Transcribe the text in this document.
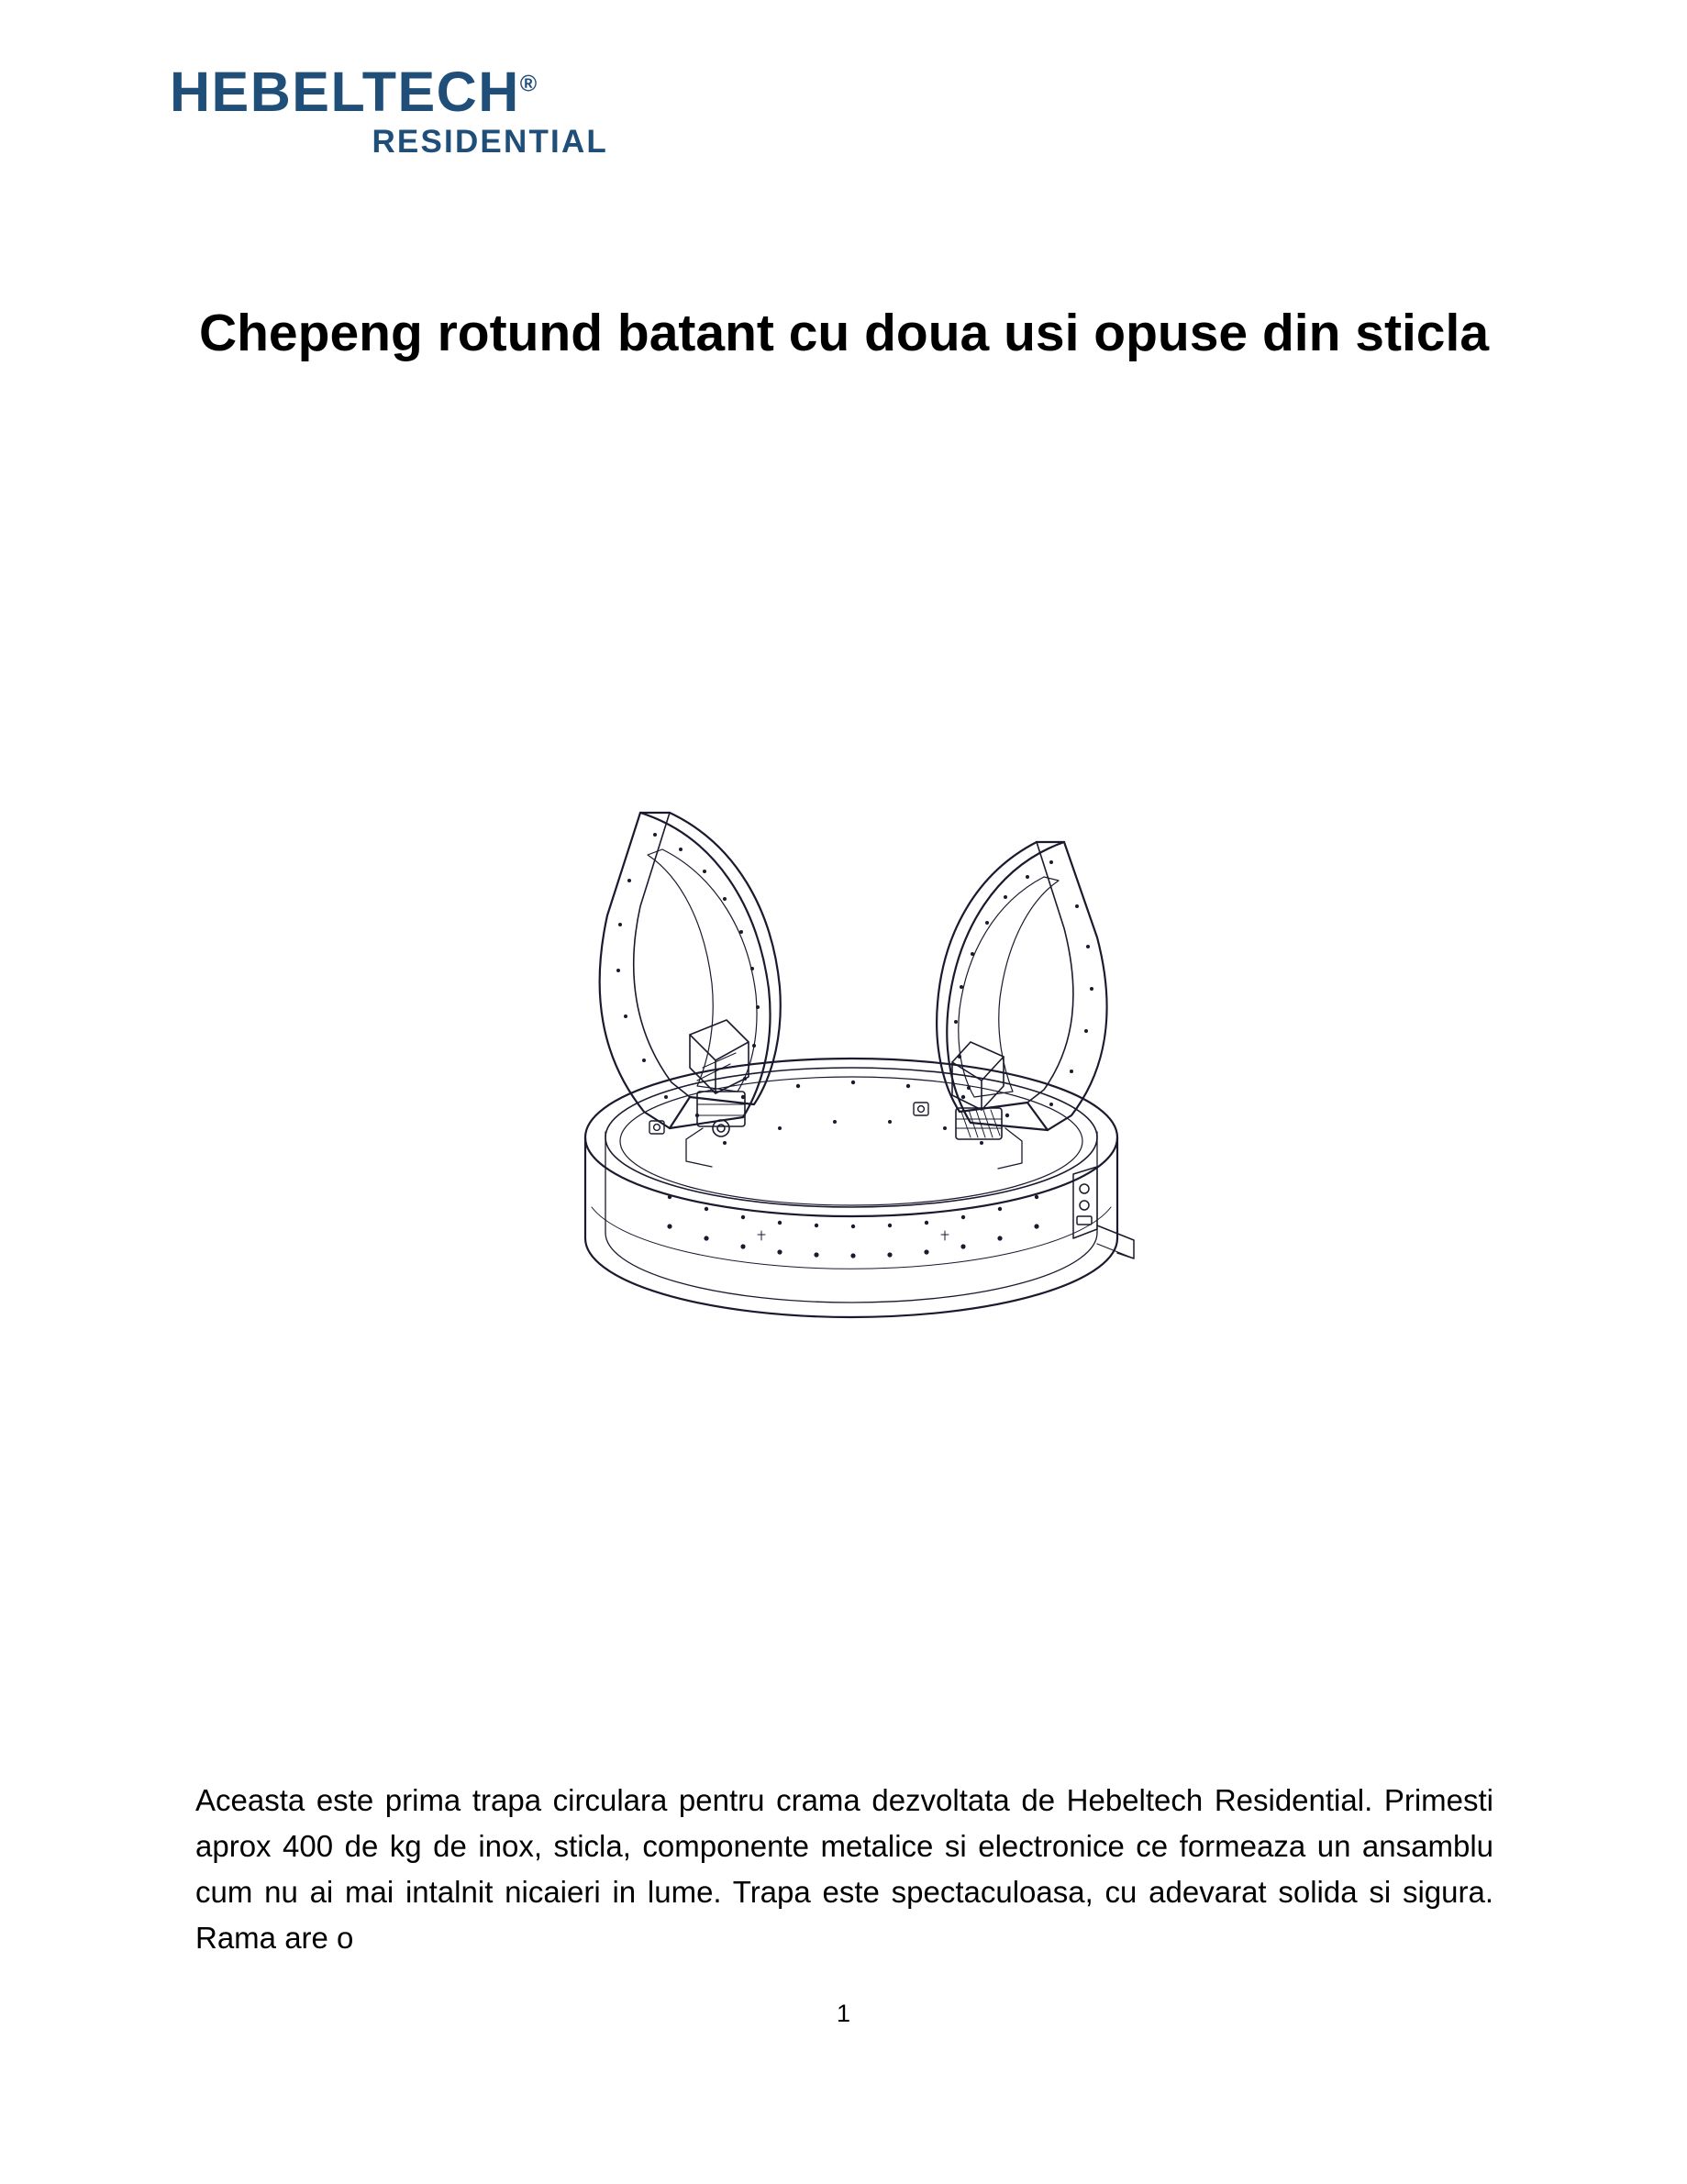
HEBELTECH®
RESIDENTIAL
Chepeng rotund batant cu doua usi opuse din sticla

Aceasta este prima trapa circulara pentru crama dezvoltata de Hebeltech Residential. Primesti aprox 400 de kg de inox, sticla, componente metalice si electronice ce formeaza un ansamblu cum nu ai mai intalnit nicaieri in lume. Trapa este spectaculoasa, cu adevarat solida si sigura. Rama are o

1
